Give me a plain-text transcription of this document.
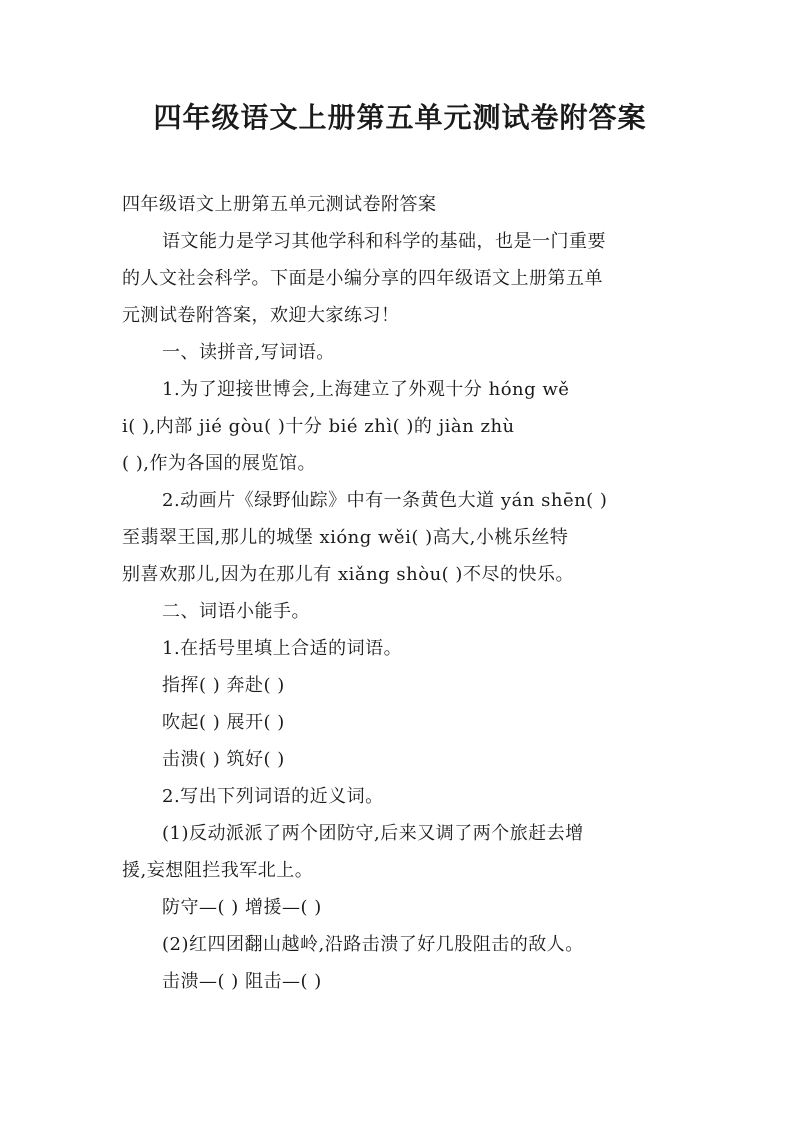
四年级语文上册第五单元测试卷附答案
四年级语文上册第五单元测试卷附答案
语文能力是学习其他学科和科学的基础，也是一门重要
的人文社会科学。下面是小编分享的四年级语文上册第五单
元测试卷附答案，欢迎大家练习！
一、读拼音,写词语。
1.为了迎接世博会,上海建立了外观十分 hóng wě
i( ),内部 jié gòu( )十分 bié zhì( )的 jiàn zhù
( ),作为各国的展览馆。
2.动画片《绿野仙踪》中有一条黄色大道 yán shēn( )
至翡翠王国,那儿的城堡 xióng wěi( )高大,小桃乐丝特
别喜欢那儿,因为在那儿有 xiǎng shòu( )不尽的快乐。
二、词语小能手。
1.在括号里填上合适的词语。
指挥( ) 奔赴( )
吹起( ) 展开( )
击溃( ) 筑好( )
2.写出下列词语的近义词。
(1)反动派派了两个团防守,后来又调了两个旅赶去增
援,妄想阻拦我军北上。
防守—( ) 增援—( )
(2)红四团翻山越岭,沿路击溃了好几股阻击的敌人。
击溃—( ) 阻击—( )
